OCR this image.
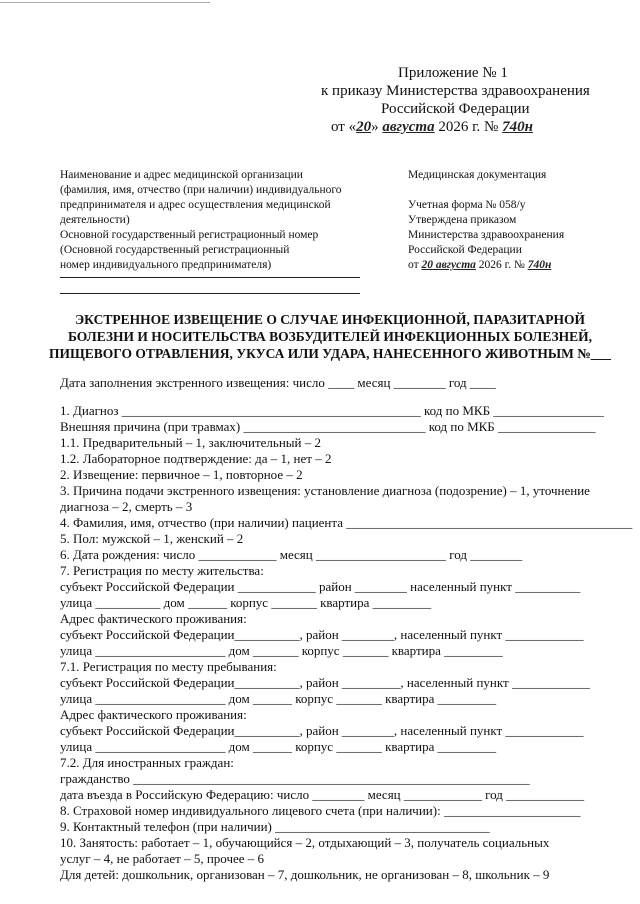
Приложение № 1
к приказу Министерства здравоохранения
Российской Федерации
от «20» августа 2026 г. № 740н
Наименование и адрес медицинской организации
(фамилия, имя, отчество (при наличии) индивидуального
предпринимателя и адрес осуществления медицинской
деятельности)
Основной государственный регистрационный номер
(Основной государственный регистрационный
номер индивидуального предпринимателя)
Медицинская документация
Учетная форма № 058/у
Утверждена приказом
Министерства здравоохранения
Российской Федерации
от 20 августа 2026 г. № 740н
ЭКСТРЕННОЕ ИЗВЕЩЕНИЕ О СЛУЧАЕ ИНФЕКЦИОННОЙ, ПАРАЗИТАРНОЙ
БОЛЕЗНИ И НОСИТЕЛЬСТВА ВОЗБУДИТЕЛЕЙ ИНФЕКЦИОННЫХ БОЛЕЗНЕЙ,
ПИЩЕВОГО ОТРАВЛЕНИЯ, УКУСА ИЛИ УДАРА, НАНЕСЕННОГО ЖИВОТНЫМ №___
Дата заполнения экстренного извещения: число ____ месяц ________ год ____
1. Диагноз ______________________________________________ код по МКБ _________________
Внешняя причина (при травмах) ____________________________ код по МКБ _______________
1.1. Предварительный – 1, заключительный – 2
1.2. Лабораторное подтверждение: да – 1, нет – 2
2. Извещение: первичное – 1, повторное – 2
3. Причина подачи экстренного извещения: установление диагноза (подозрение) – 1, уточнение
диагноза – 2, смерть – 3
4. Фамилия, имя, отчество (при наличии) пациента ____________________________________________
5. Пол: мужской – 1, женский – 2
6. Дата рождения: число ____________ месяц ____________________ год ________
7. Регистрация по месту жительства:
субъект Российской Федерации ____________ район ________ населенный пункт __________
улица __________ дом ______ корпус _______ квартира _________
Адрес фактического проживания:
субъект Российской Федерации__________, район ________, населенный пункт ____________
улица ____________________ дом _______ корпус _______ квартира _________
7.1. Регистрация по месту пребывания:
субъект Российской Федерации__________, район _________, населенный пункт ____________
улица ____________________ дом ______ корпус _______ квартира _________
Адрес фактического проживания:
субъект Российской Федерации__________, район ________, населенный пункт ____________
улица ____________________ дом ______ корпус _______ квартира _________
7.2. Для иностранных граждан:
гражданство _____________________________________________________________
дата въезда в Российскую Федерацию: число ________ месяц ____________ год ____________
8. Страховой номер индивидуального лицевого счета (при наличии): _____________________
9. Контактный телефон (при наличии) _________________________________
10. Занятость: работает – 1, обучающийся – 2, отдыхающий – 3, получатель социальных
услуг – 4, не работает – 5, прочее – 6
Для детей: дошкольник, организован – 7, дошкольник, не организован – 8, школьник – 9
